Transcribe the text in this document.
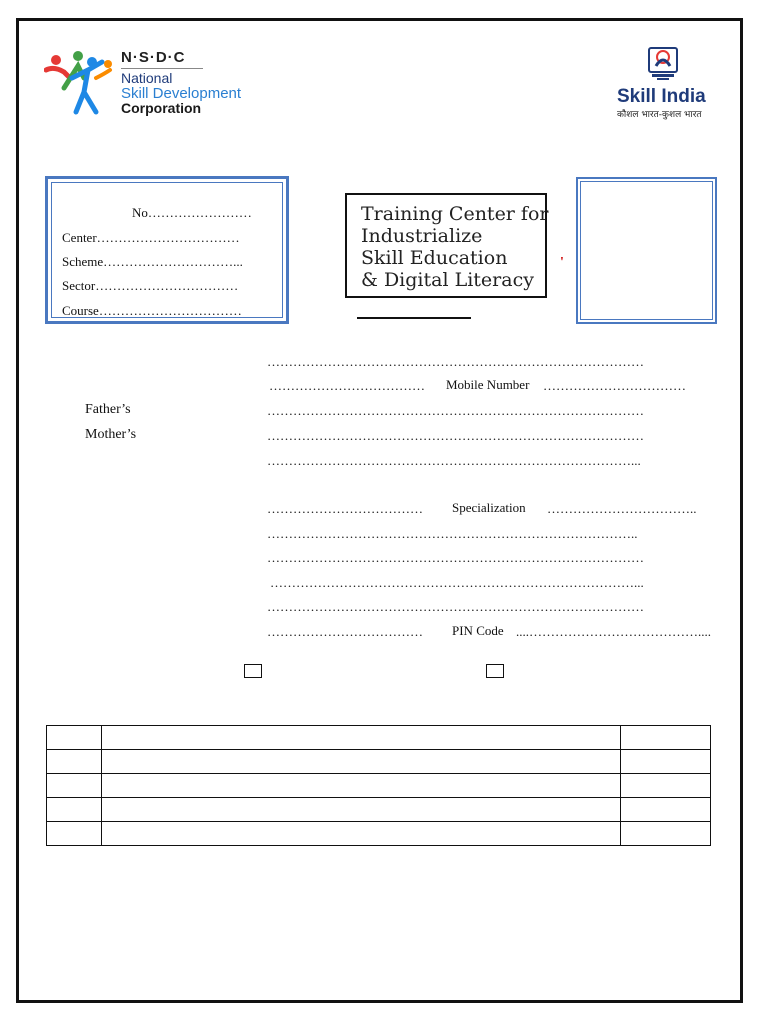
N·S·D·C
National
Skill Development
Corporation
Skill India
कौशल भारत-कुशल भारत
No……………………
Center……………………………
Scheme…………………………...
Sector……………………………
Course……………………………
Training Center for
Industrialize
Skill Education
& Digital Literacy
'
……………………………………………………………………………
……………………………… Mobile Number ……………………………
Father’s	……………………………………………………………………………
Mother’s	……………………………………………………………………………
…………………………………………………………………………...
……………………………… Specialization ……………………………..
…………………………………………………………………………..
……………………………………………………………………………
…………………………………………………………………………...
……………………………………………………………………………
……………………………… PIN Code ....…………………………………....
